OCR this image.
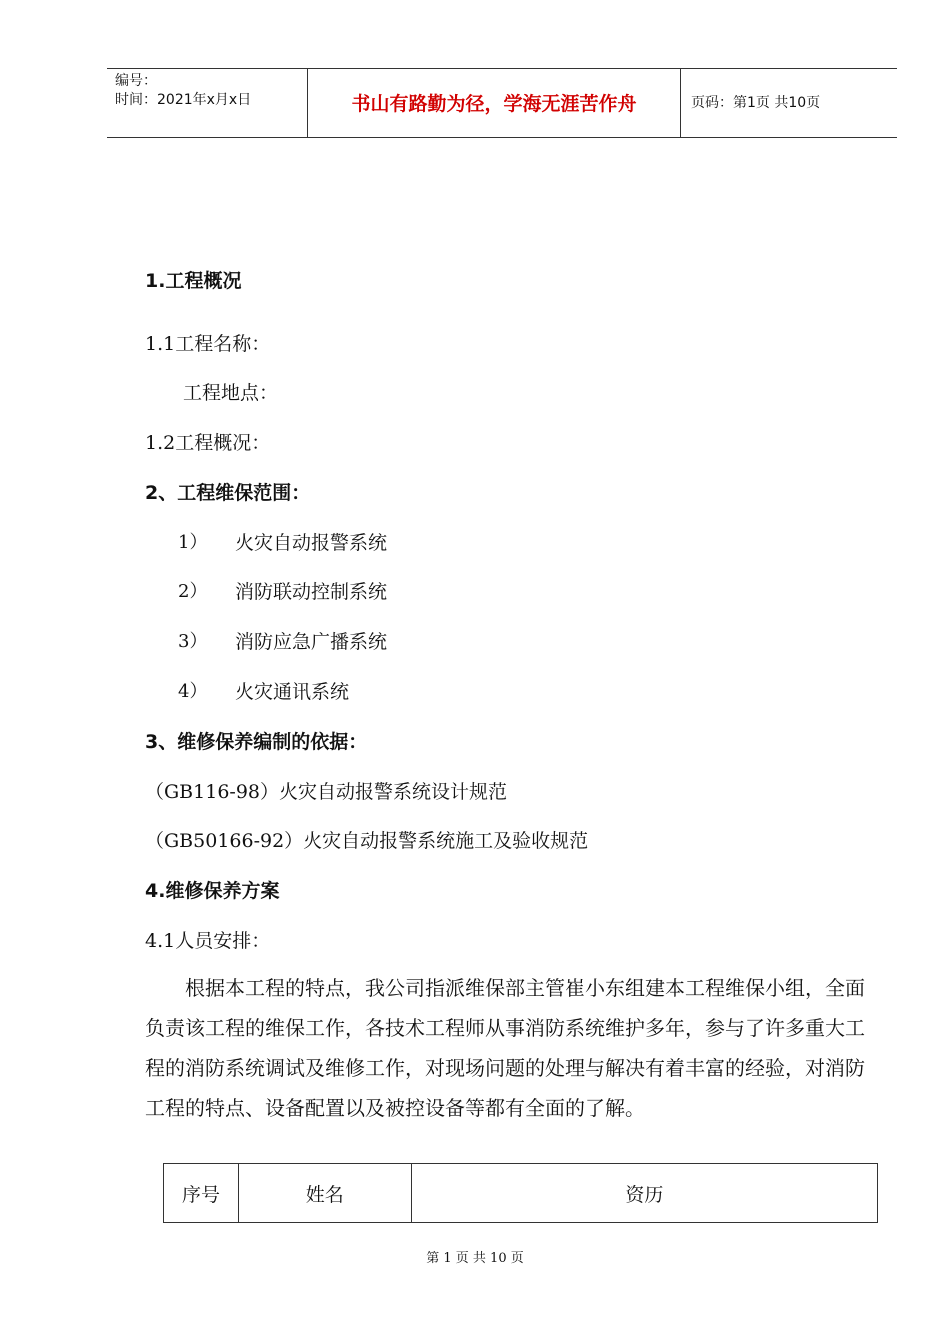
编号：
时间：2021年x月x日	书山有路勤为径，学海无涯苦作舟	页码：第1页 共10页
1.工程概况
1.1工程名称：
工程地点：
1.2工程概况：
2、工程维保范围：
1） 火灾自动报警系统
2） 消防联动控制系统
3） 消防应急广播系统
4） 火灾通讯系统
3、维修保养编制的依据：
（GB116-98）火灾自动报警系统设计规范
（GB50166-92）火灾自动报警系统施工及验收规范
4.维修保养方案
4.1人员安排：
根据本工程的特点，我公司指派维保部主管崔小东组建本工程维保小组，全面负责该工程的维保工作，各技术工程师从事消防系统维护多年，参与了许多重大工程的消防系统调试及维修工作，对现场问题的处理与解决有着丰富的经验，对消防工程的特点、设备配置以及被控设备等都有全面的了解。
序号	姓名	资历
第 1 页 共 10 页
